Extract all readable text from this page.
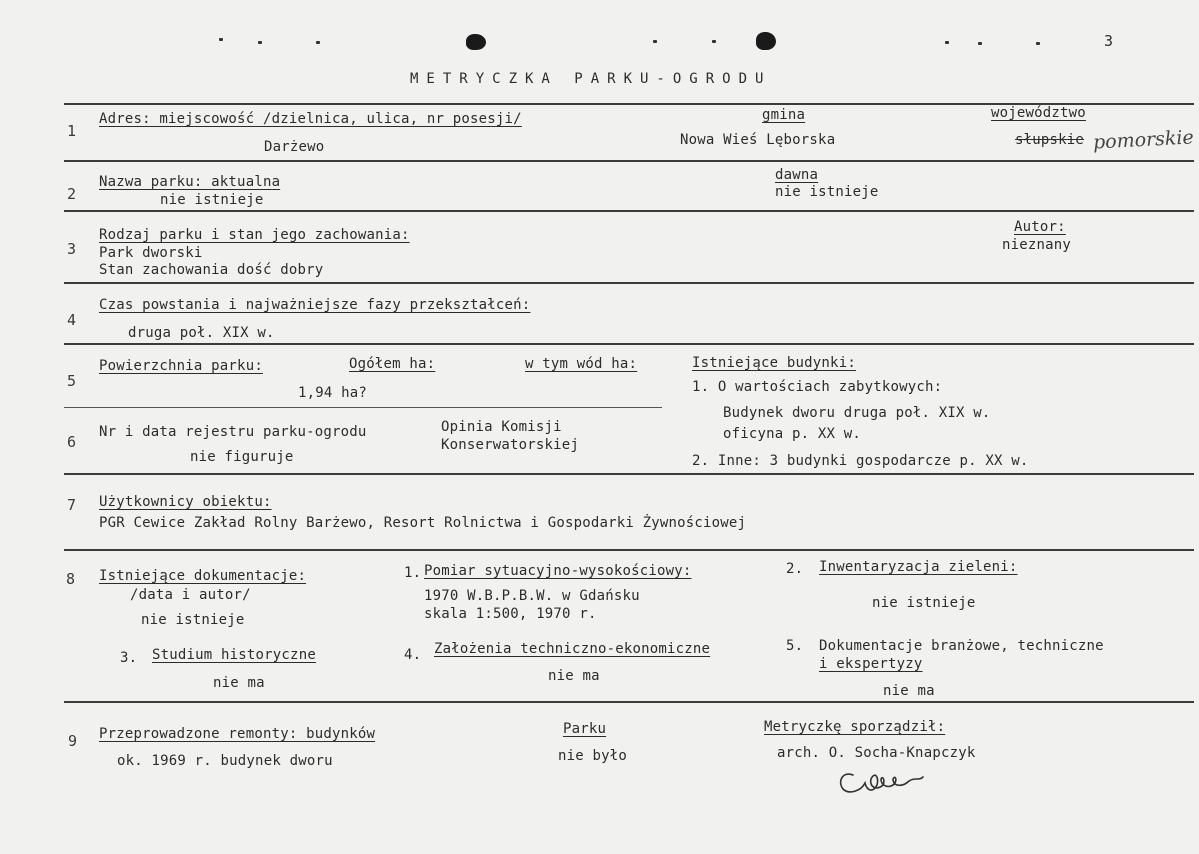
3
METRYCZKA PARKU-OGRODU
1
Adres: miejscowość /dzielnica, ulica, nr posesji/
Darżewo
gmina
Nowa Wieś Lęborska
województwo
słupskie pomorskie
2
Nazwa parku: aktualna
nie istnieje
dawna
nie istnieje
3
Rodzaj parku i stan jego zachowania:
Park dworski
Stan zachowania dość dobry
Autor:
nieznany
4
Czas powstania i najważniejsze fazy przekształceń:
druga poł. XIX w.
5
Powierzchnia parku:	Ogółem ha:	w tym wód ha:
1,94 ha?
Istniejące budynki:
1. O wartościach zabytkowych:
Budynek dworu druga poł. XIX w.
oficyna p. XX w.
2. Inne: 3 budynki gospodarcze p. XX w.
6
Nr i data rejestru parku-ogrodu
nie figuruje
Opinia Komisji
Konserwatorskiej
7 Użytkownicy obiektu:
PGR Cewice Zakład Rolny Barżewo, Resort Rolnictwa i Gospodarki Żywnościowej
8 Istniejące dokumentacje:
/data i autor/
nie istnieje
1. Pomiar sytuacyjno-wysokościowy:
1970 W.B.P.B.W. w Gdańsku
skala 1:500, 1970 r.
2. Inwentaryzacja zieleni:
nie istnieje
3. Studium historyczne
nie ma
4. Założenia techniczno-ekonomiczne
nie ma
5. Dokumentacje branżowe, techniczne
i ekspertyzy
nie ma
9 Przeprowadzone remonty: budynków
ok. 1969 r. budynek dworu
Parku
nie było
Metryczkę sporządził:
arch. O. Socha-Knapczyk
